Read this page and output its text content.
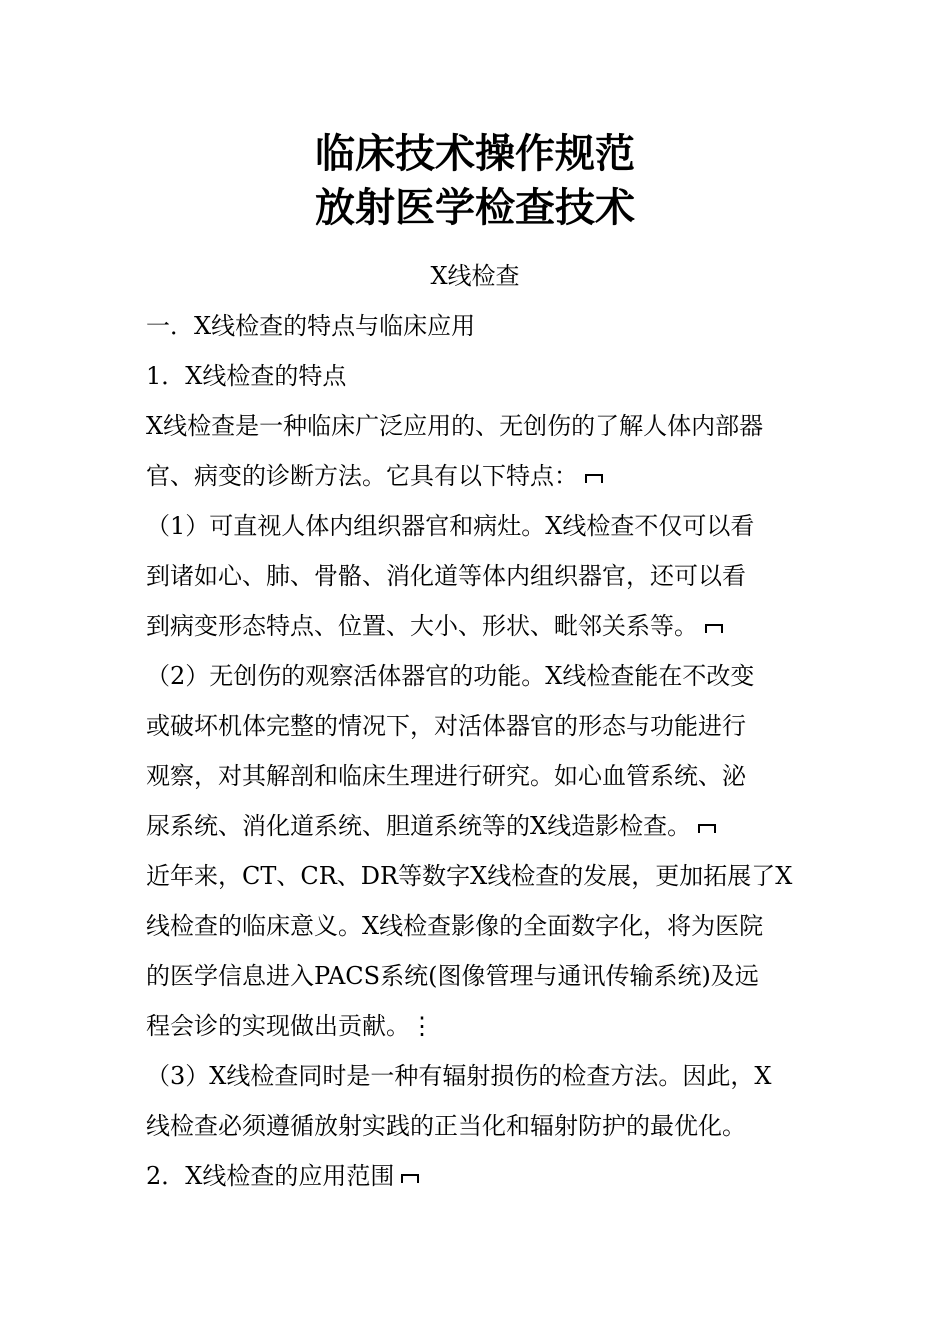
临床技术操作规范
放射医学检查技术
X线检查
一．X线检查的特点与临床应用
1．X线检查的特点
X线检查是一种临床广泛应用的、无创伤的了解人体内部器
官、病变的诊断方法。它具有以下特点：
（1）可直视人体内组织器官和病灶。X线检查不仅可以看
到诸如心、肺、骨骼、消化道等体内组织器官，还可以看
到病变形态特点、位置、大小、形状、毗邻关系等。
（2）无创伤的观察活体器官的功能。X线检查能在不改变
或破坏机体完整的情况下，对活体器官的形态与功能进行
观察，对其解剖和临床生理进行研究。如心血管系统、泌
尿系统、消化道系统、胆道系统等的X线造影检查。
近年来，CT、CR、DR等数字X线检查的发展，更加拓展了X
线检查的临床意义。X线检查影像的全面数字化，将为医院
的医学信息进入PACS系统(图像管理与通讯传输系统)及远
程会诊的实现做出贡献。⋮
（3）X线检查同时是一种有辐射损伤的检查方法。因此，X
线检查必须遵循放射实践的正当化和辐射防护的最优化。
2．X线检查的应用范围
